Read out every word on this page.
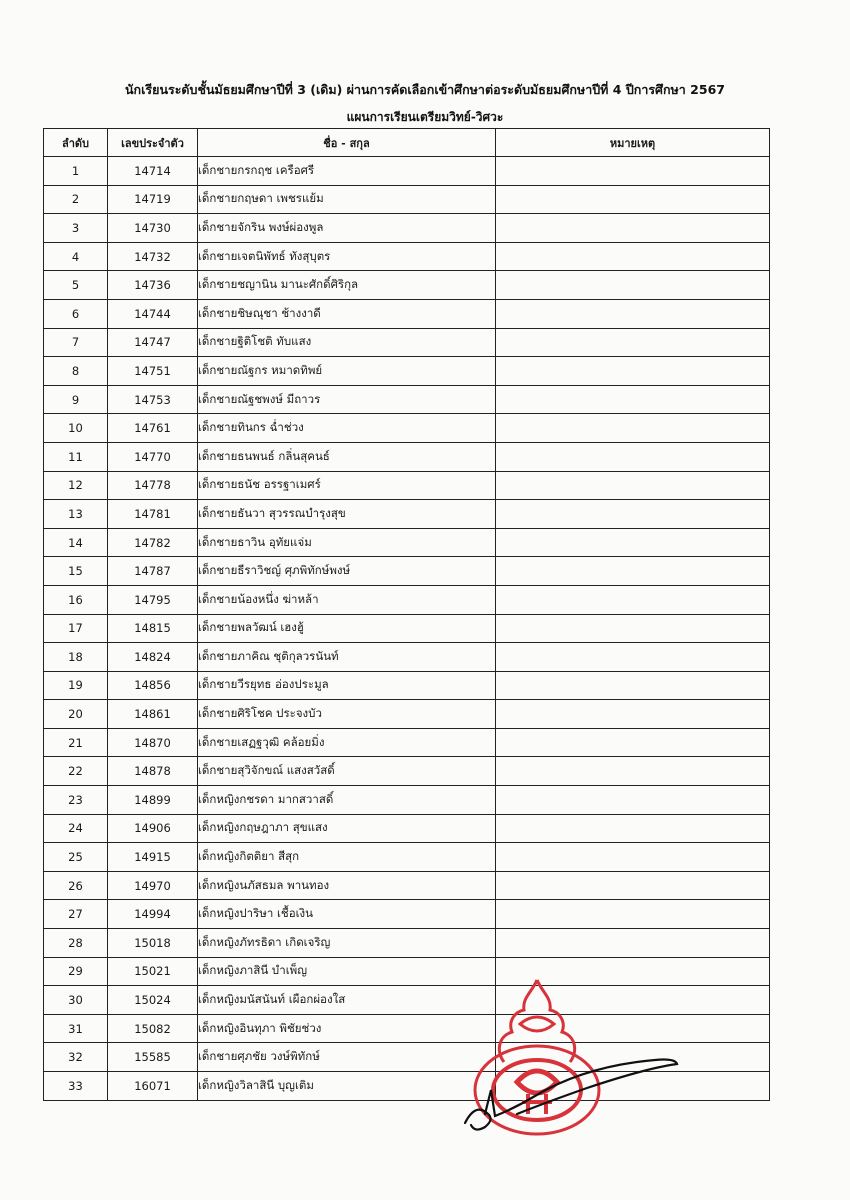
นักเรียนระดับชั้นมัธยมศึกษาปีที่ 3 (เดิม) ผ่านการคัดเลือกเข้าศึกษาต่อระดับมัธยมศึกษาปีที่ 4 ปีการศึกษา 2567
แผนการเรียนเตรียมวิทย์-วิศวะ
ลำดับ	เลขประจำตัว	ชื่อ - สกุล	หมายเหตุ
1	14714	เด็กชายกรกฤช เครือศรี	
2	14719	เด็กชายกฤษดา เพชรแย้ม	
3	14730	เด็กชายจักริน พงษ์ผ่องพูล	
4	14732	เด็กชายเจตนิพัทธ์ ทังสุบุตร	
5	14736	เด็กชายชญานิน มานะศักดิ์ศิริกุล	
6	14744	เด็กชายชิษณุชา ช้างงาดี	
7	14747	เด็กชายฐิติโชติ ทับแสง	
8	14751	เด็กชายณัฐกร หมาดทิพย์	
9	14753	เด็กชายณัฐชพงษ์ มีถาวร	
10	14761	เด็กชายทินกร ฉ่ำช่วง	
11	14770	เด็กชายธนพนธ์ กลิ่นสุคนธ์	
12	14778	เด็กชายธนัช อรรฐาเมศร์	
13	14781	เด็กชายธันวา สุวรรณบำรุงสุข	
14	14782	เด็กชายธาวิน อุทัยแจ่ม	
15	14787	เด็กชายธีราวิชญ์ ศุภพิทักษ์พงษ์	
16	14795	เด็กชายน้องหนึ่ง ฆ่าหล้า	
17	14815	เด็กชายพลวัฒน์ เฮงฮู้	
18	14824	เด็กชายภาคิณ ชุติกุลวรนันท์	
19	14856	เด็กชายวีรยุทธ อ่องประมูล	
20	14861	เด็กชายศิริโชค ประจงบัว	
21	14870	เด็กชายเสฏฐวุฒิ คล้อยมิ่ง	
22	14878	เด็กชายสุวิจักขณ์ แสงสวัสดิ์	
23	14899	เด็กหญิงกชรดา มากสวาสดิ์	
24	14906	เด็กหญิงกฤษฎาภา สุขแสง	
25	14915	เด็กหญิงกิตติยา สีสุก	
26	14970	เด็กหญิงนภัสธมล พานทอง	
27	14994	เด็กหญิงปาริษา เชื้อเงิน	
28	15018	เด็กหญิงภัทรธิดา เกิดเจริญ	
29	15021	เด็กหญิงภาสินี บำเพ็ญ	
30	15024	เด็กหญิงมนัสนันท์ เผือกผ่องใส	
31	15082	เด็กหญิงอินทุภา พิชัยช่วง	
32	15585	เด็กชายศุภชัย วงษ์พิทักษ์	
33	16071	เด็กหญิงวิลาสินี บุญเติม	
